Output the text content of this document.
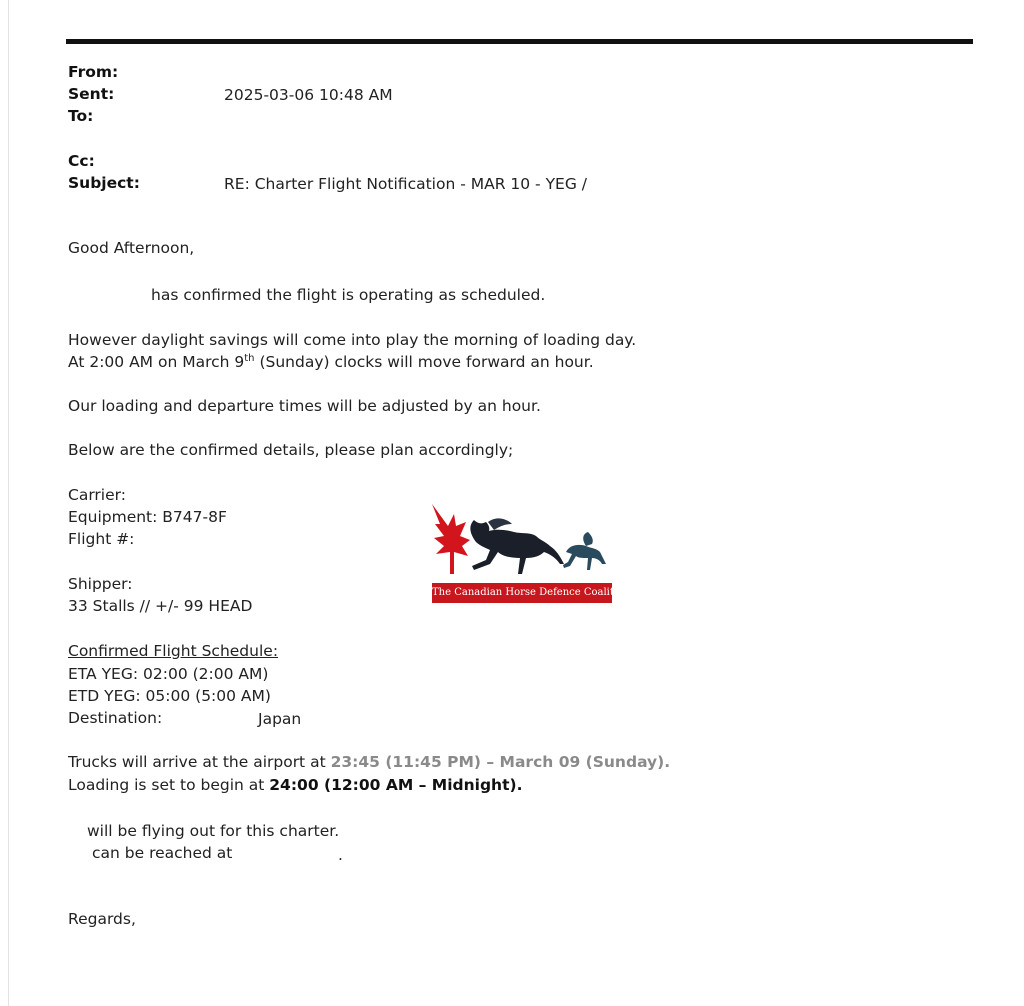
From:
Sent:	2025-03-06 10:48 AM
To:
Cc:
Subject:	RE: Charter Flight Notification - MAR 10 - YEG /
Good Afternoon,
has confirmed the flight is operating as scheduled.
However daylight savings will come into play the morning of loading day.
At 2:00 AM on March 9th (Sunday) clocks will move forward an hour.
Our loading and departure times will be adjusted by an hour.
Below are the confirmed details, please plan accordingly;
Carrier:
Equipment: B747-8F
Flight #:
Shipper:
33 Stalls // +/- 99 HEAD
Confirmed Flight Schedule:
ETA YEG: 02:00 (2:00 AM)
ETD YEG: 05:00 (5:00 AM)
Destination:	Japan
Trucks will arrive at the airport at 23:45 (11:45 PM) – March 09 (Sunday).
Loading is set to begin at 24:00 (12:00 AM – Midnight).
will be flying out for this charter.
can be reached at	.
Regards,
The Canadian Horse Defence Coalition
